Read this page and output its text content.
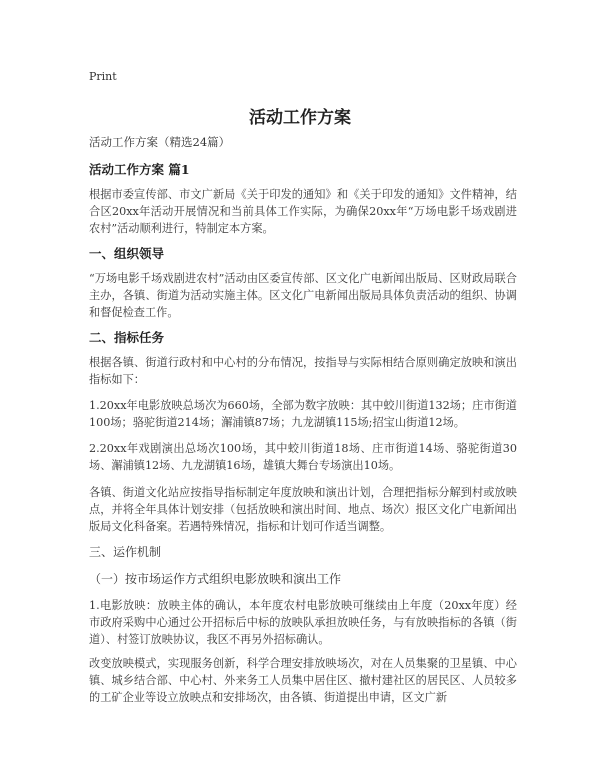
Print
活动工作方案
活动工作方案（精选24篇）
活动工作方案 篇1

根据市委宣传部、市文广新局《关于印发的通知》和《关于印发的通知》文件精神，结合区20xx年活动开展情况和当前具体工作实际，为确保20xx年“万场电影千场戏剧进农村”活动顺利进行，特制定本方案。

一、组织领导

“万场电影千场戏剧进农村”活动由区委宣传部、区文化广电新闻出版局、区财政局联合主办，各镇、街道为活动实施主体。区文化广电新闻出版局具体负责活动的组织、协调和督促检查工作。

二、指标任务

根据各镇、街道行政村和中心村的分布情况，按指导与实际相结合原则确定放映和演出指标如下：

1.20xx年电影放映总场次为660场，全部为数字放映：其中蛟川街道132场；庄市街道100场；骆驼街道214场；澥浦镇87场；九龙湖镇115场;招宝山街道12场。

2.20xx年戏剧演出总场次100场，其中蛟川街道18场、庄市街道14场、骆驼街道30场、澥浦镇12场、九龙湖镇16场，雄镇大舞台专场演出10场。

各镇、街道文化站应按指导指标制定年度放映和演出计划，合理把指标分解到村或放映点，并将全年具体计划安排（包括放映和演出时间、地点、场次）报区文化广电新闻出版局文化科备案。若遇特殊情况，指标和计划可作适当调整。

三、运作机制
（一）按市场运作方式组织电影放映和演出工作

1.电影放映：放映主体的确认，本年度农村电影放映可继续由上年度（20xx年度）经市政府采购中心通过公开招标后中标的放映队承担放映任务，与有放映指标的各镇（街道）、村签订放映协议，我区不再另外招标确认。

改变放映模式，实现服务创新，科学合理安排放映场次，对在人员集聚的卫星镇、中心镇、城乡结合部、中心村、外来务工人员集中居住区、撤村建社区的居民区、人员较多的工矿企业等设立放映点和安排场次，由各镇、街道提出申请，区文广新
